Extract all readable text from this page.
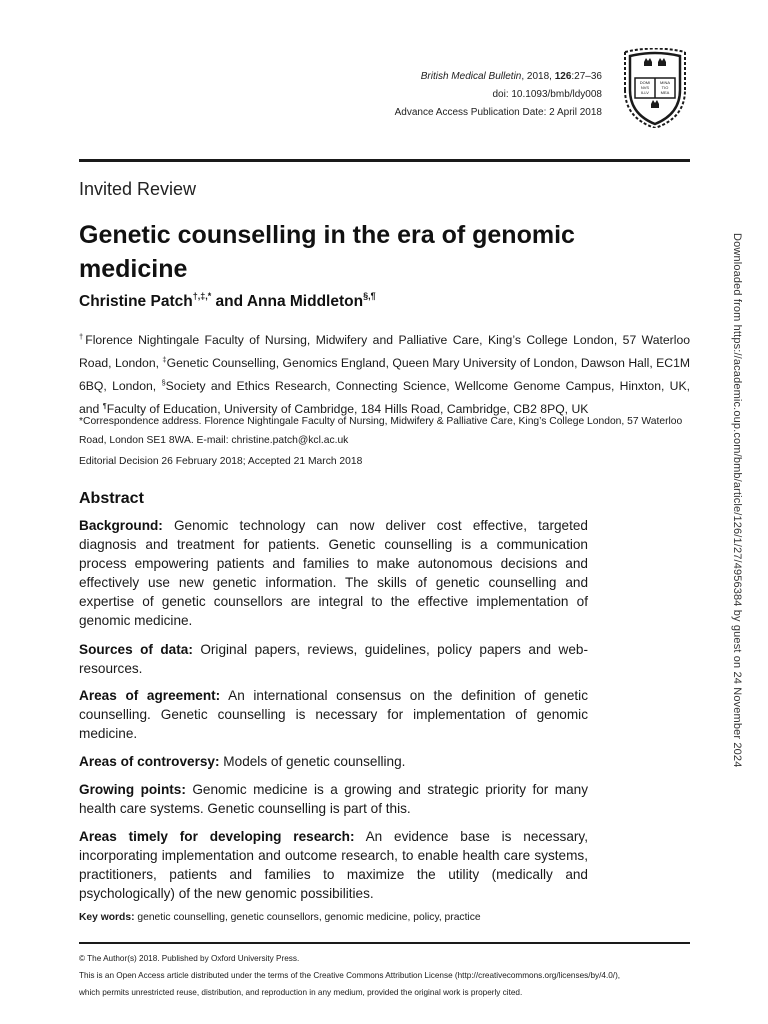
British Medical Bulletin, 2018, 126:27–36
doi: 10.1093/bmb/ldy008
Advance Access Publication Date: 2 April 2018
DOMI
NVS
ILLV
MINA
TIO
MEA
Invited Review
Genetic counselling in the era of genomic medicine
Christine Patch†,‡,* and Anna Middleton§,¶
†Florence Nightingale Faculty of Nursing, Midwifery and Palliative Care, King’s College London, 57 Waterloo Road, London, ‡Genetic Counselling, Genomics England, Queen Mary University of London, Dawson Hall, EC1M 6BQ, London, §Society and Ethics Research, Connecting Science, Wellcome Genome Campus, Hinxton, UK, and ¶Faculty of Education, University of Cambridge, 184 Hills Road, Cambridge, CB2 8PQ, UK
*Correspondence address. Florence Nightingale Faculty of Nursing, Midwifery & Palliative Care, King’s College London, 57 Waterloo Road, London SE1 8WA. E-mail: christine.patch@kcl.ac.uk
Editorial Decision 26 February 2018; Accepted 21 March 2018
Abstract
Background: Genomic technology can now deliver cost effective, targeted diagnosis and treatment for patients. Genetic counselling is a communication process empowering patients and families to make autonomous decisions and effectively use new genetic information. The skills of genetic counselling and expertise of genetic counsellors are integral to the effective implementation of genomic medicine.
Sources of data: Original papers, reviews, guidelines, policy papers and web-resources.
Areas of agreement: An international consensus on the definition of genetic counselling. Genetic counselling is necessary for implementation of genomic medicine.
Areas of controversy: Models of genetic counselling.
Growing points: Genomic medicine is a growing and strategic priority for many health care systems. Genetic counselling is part of this.
Areas timely for developing research: An evidence base is necessary, incorporating implementation and outcome research, to enable health care systems, practitioners, patients and families to maximize the utility (medically and psychologically) of the new genomic possibilities.
Key words: genetic counselling, genetic counsellors, genomic medicine, policy, practice
© The Author(s) 2018. Published by Oxford University Press.
This is an Open Access article distributed under the terms of the Creative Commons Attribution License (http://creativecommons.org/licenses/by/4.0/),
which permits unrestricted reuse, distribution, and reproduction in any medium, provided the original work is properly cited.
Downloaded from https://academic.oup.com/bmb/article/126/1/27/4956384 by guest on 24 November 2024
